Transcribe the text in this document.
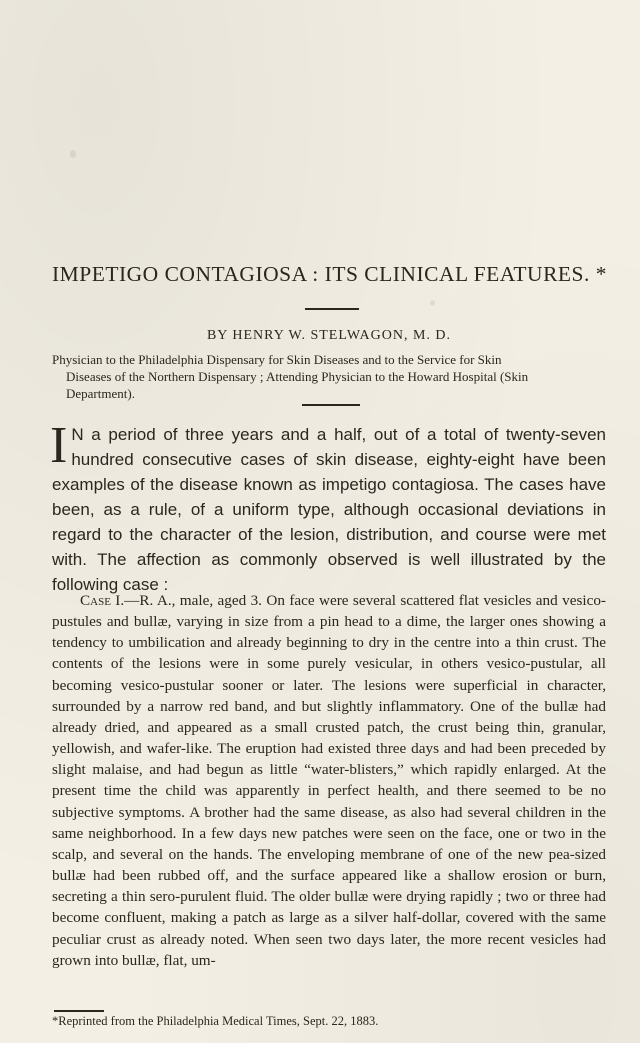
IMPETIGO CONTAGIOSA : ITS CLINICAL FEATURES. *

BY HENRY W. STELWAGON, M. D.

Physician to the Philadelphia Dispensary for Skin Diseases and to the Service for Skin

Diseases of the Northern Dispensary ; Attending Physician to the Howard Hospital (Skin
Department).

I N a period of three years and a half, out of a total of twenty-seven hundred consecutive cases of skin disease, eighty-eight have been examples of the disease known as impetigo contagiosa. The cases have been, as a rule, of a uniform type, although occasional deviations in regard to the character of the lesion, distribution, and course were met with. The affection as commonly observed is well illustrated by the following case :

Case I.—R. A., male, aged 3. On face were several scattered flat vesicles and vesico-pustules and bullæ, varying in size from a pin head to a dime, the larger ones showing a tendency to umbilication and already beginning to dry in the centre into a thin crust. The contents of the lesions were in some purely vesicular, in others vesico-pustular, all becoming vesico-pustular sooner or later. The lesions were superficial in character, surrounded by a narrow red band, and but slightly inflammatory. One of the bullæ had already dried, and appeared as a small crusted patch, the crust being thin, granular, yellowish, and wafer-like. The eruption had existed three days and had been preceded by slight malaise, and had begun as little “water-blisters,” which rapidly enlarged. At the present time the child was apparently in perfect health, and there seemed to be no subjective symptoms. A brother had the same disease, as also had several children in the same neighborhood. In a few days new patches were seen on the face, one or two in the scalp, and several on the hands. The enveloping membrane of one of the new pea-sized bullæ had been rubbed off, and the surface appeared like a shallow erosion or burn, secreting a thin sero-purulent fluid. The older bullæ were drying rapidly ; two or three had become confluent, making a patch as large as a silver half-dollar, covered with the same peculiar crust as already noted. When seen two days later, the more recent vesicles had grown into bullæ, flat, um-

*Reprinted from the Philadelphia Medical Times, Sept. 22, 1883.
